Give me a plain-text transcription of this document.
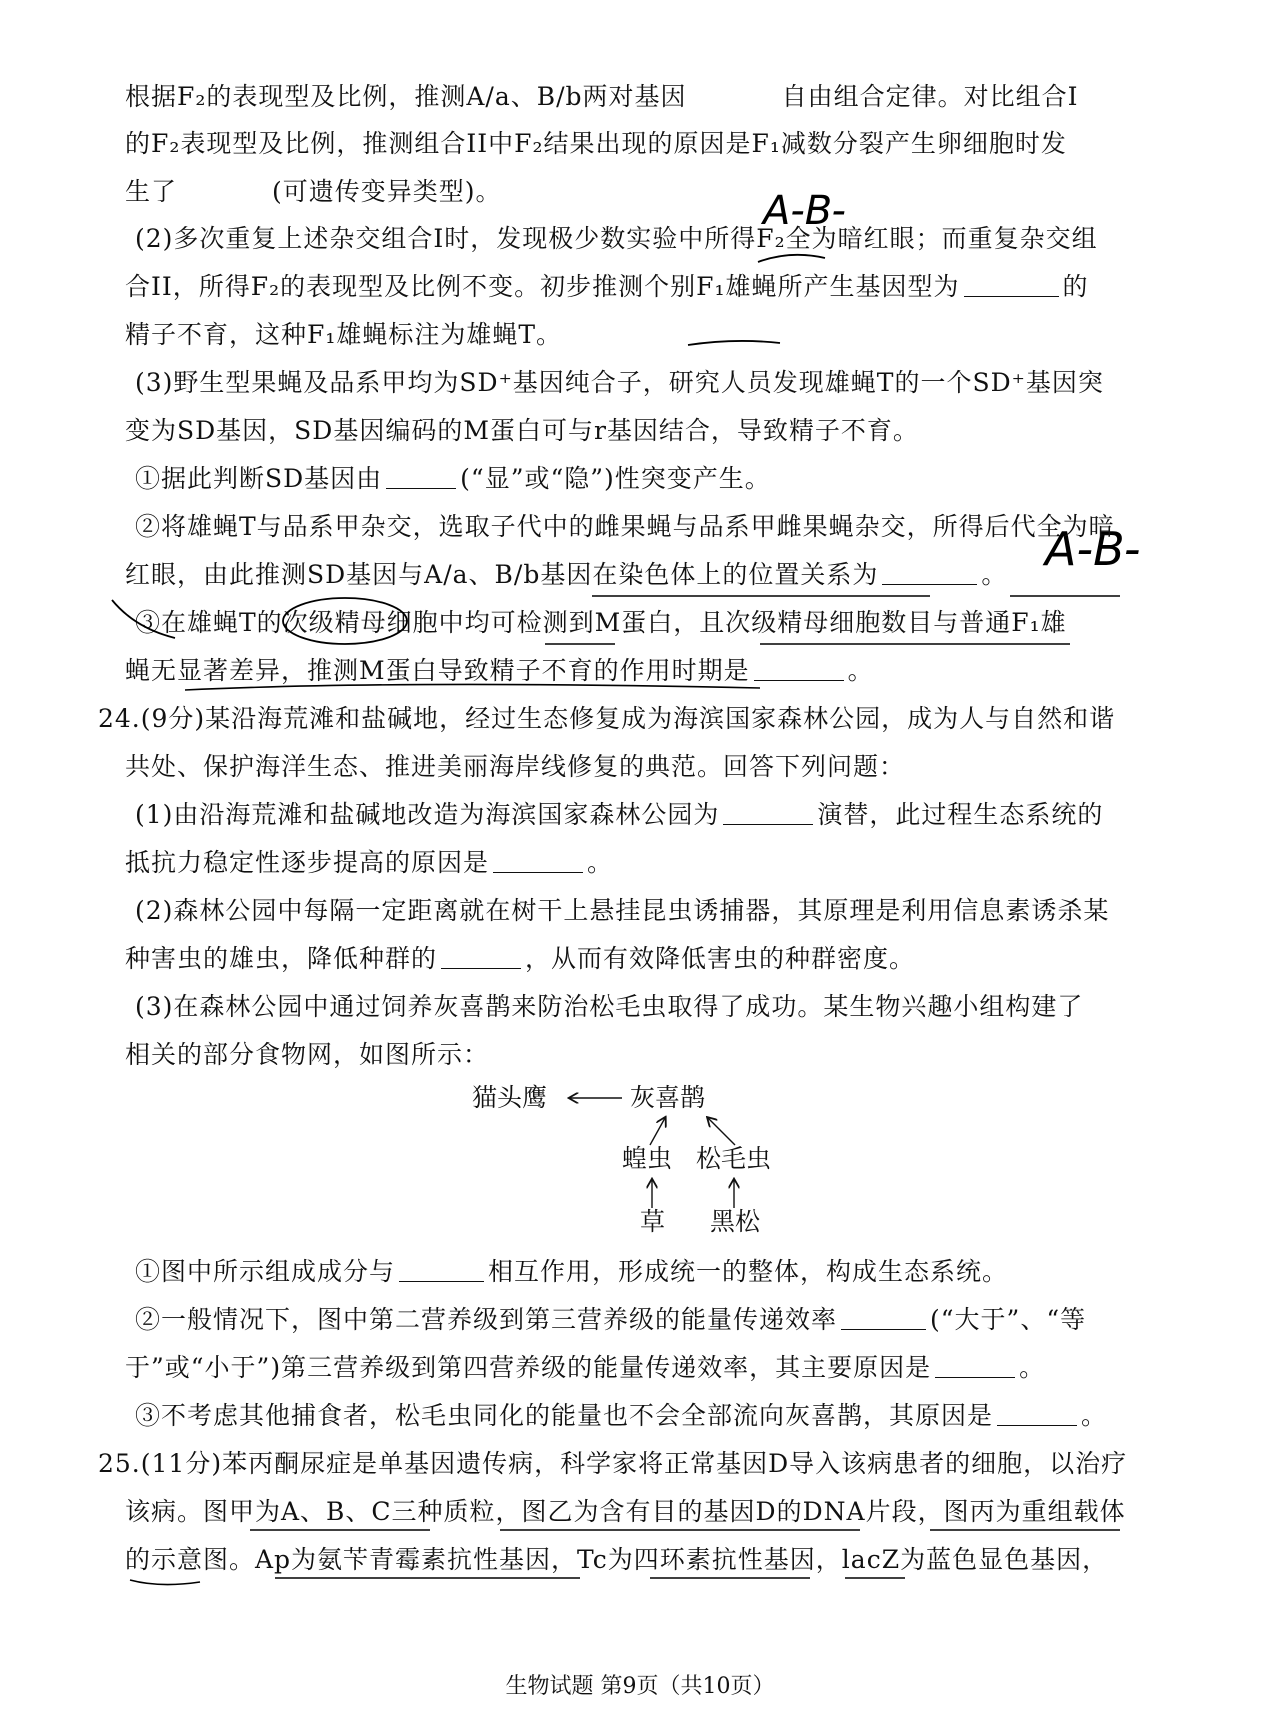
根据F₂的表现型及比例，推测A/a、B/b两对基因	自由组合定律。对比组合I
的F₂表现型及比例，推测组合II中F₂结果出现的原因是F₁减数分裂产生卵细胞时发
生了	(可遗传变异类型)。	A-B-
(2)多次重复上述杂交组合I时，发现极少数实验中所得F₂全为暗红眼；而重复杂交组
合II，所得F₂的表现型及比例不变。初步推测个别F₁雄蝇所产生基因型为	的
精子不育，这种F₁雄蝇标注为雄蝇T。
(3)野生型果蝇及品系甲均为SD⁺基因纯合子，研究人员发现雄蝇T的一个SD⁺基因突
变为SD基因，SD基因编码的M蛋白可与r基因结合，导致精子不育。
①据此判断SD基因由	(“显”或“隐”)性突变产生。
A-B-
②将雄蝇T与品系甲杂交，选取子代中的雌果蝇与品系甲雌果蝇杂交，所得后代全为暗
红眼，由此推测SD基因与A/a、B/b基因在染色体上的位置关系为	。
③在雄蝇T的次级精母细胞中均可检测到M蛋白，且次级精母细胞数目与普通F₁雄
蝇无显著差异，推测M蛋白导致精子不育的作用时期是	。
24.(9分)某沿海荒滩和盐碱地，经过生态修复成为海滨国家森林公园，成为人与自然和谐
共处、保护海洋生态、推进美丽海岸线修复的典范。回答下列问题：
(1)由沿海荒滩和盐碱地改造为海滨国家森林公园为	演替，此过程生态系统的
抵抗力稳定性逐步提高的原因是	。
(2)森林公园中每隔一定距离就在树干上悬挂昆虫诱捕器，其原理是利用信息素诱杀某
种害虫的雄虫，降低种群的	，从而有效降低害虫的种群密度。
(3)在森林公园中通过饲养灰喜鹊来防治松毛虫取得了成功。某生物兴趣小组构建了
相关的部分食物网，如图所示：
猫头鹰	灰喜鹊
蝗虫 松毛虫
草 黑松
①图中所示组成成分与	相互作用，形成统一的整体，构成生态系统。
②一般情况下，图中第二营养级到第三营养级的能量传递效率	(“大于”、“等
于”或“小于”)第三营养级到第四营养级的能量传递效率，其主要原因是	。
③不考虑其他捕食者，松毛虫同化的能量也不会全部流向灰喜鹊，其原因是	。
25.(11分)苯丙酮尿症是单基因遗传病，科学家将正常基因D导入该病患者的细胞，以治疗
该病。图甲为A、B、C三种质粒，图乙为含有目的基因D的DNA片段，图丙为重组载体
的示意图。Ap为氨苄青霉素抗性基因，Tc为四环素抗性基因，lacZ为蓝色显色基因，
生物试题 第9页（共10页）
